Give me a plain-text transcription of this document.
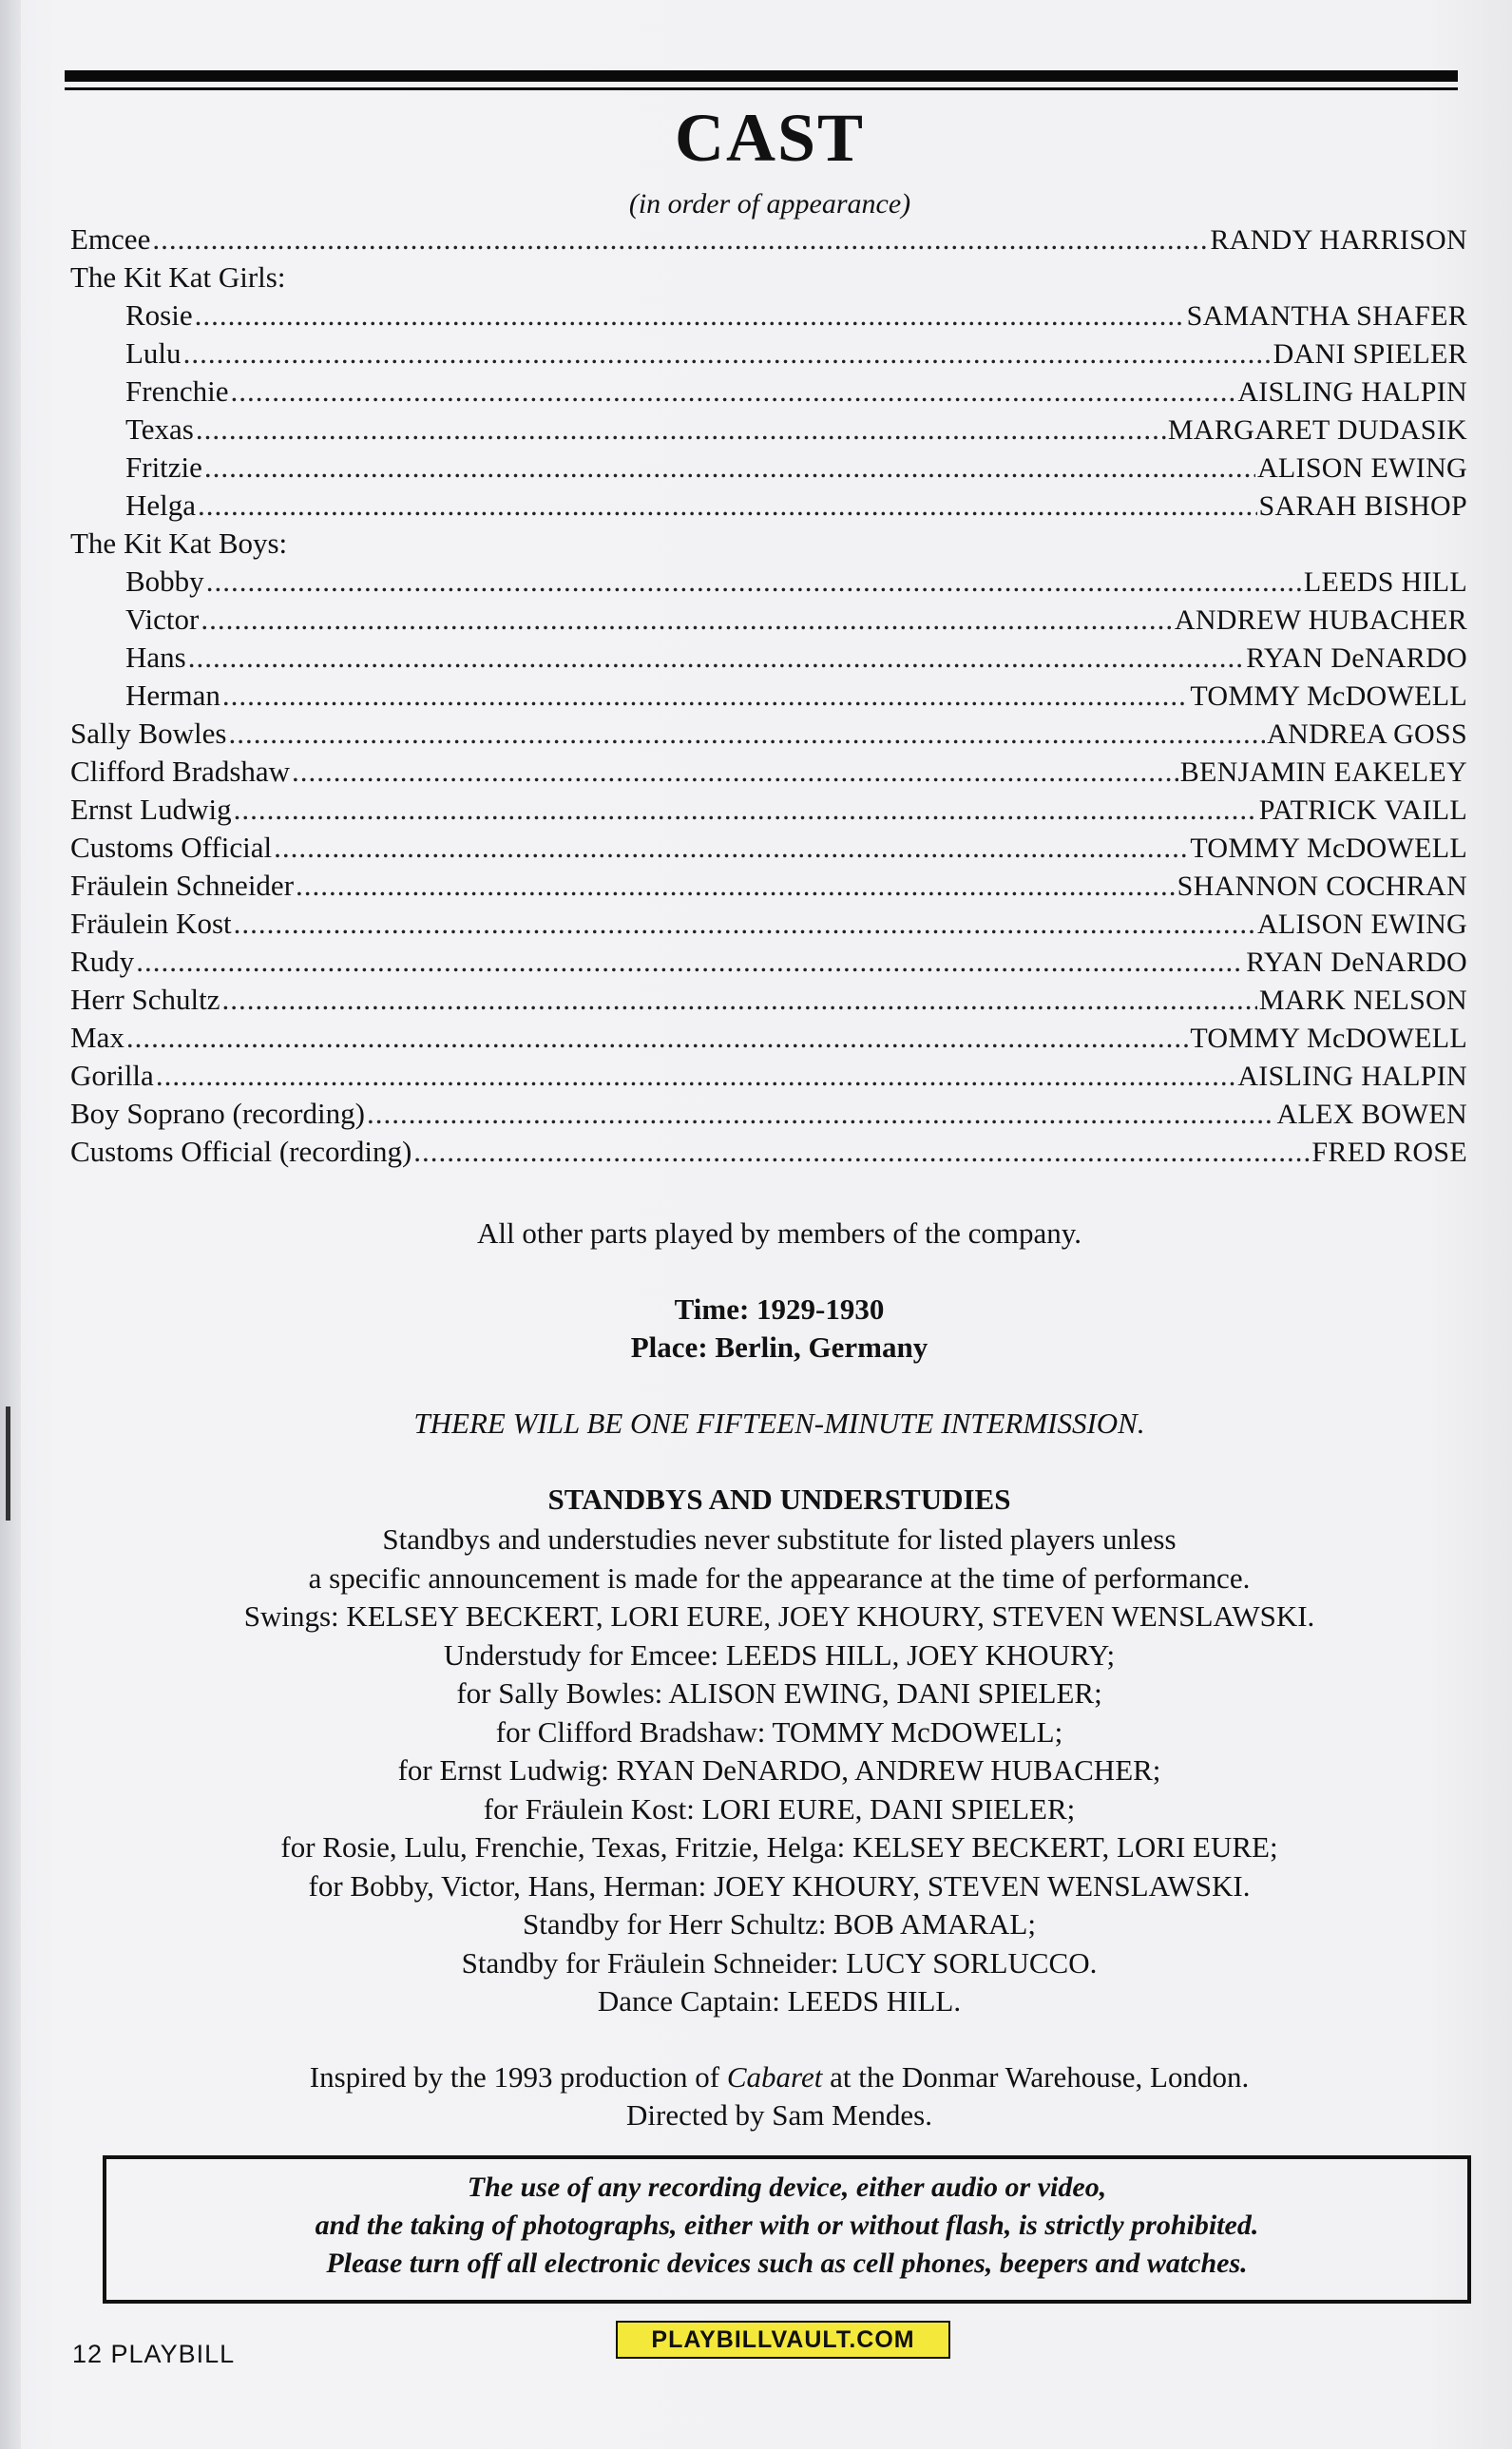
CAST
(in order of appearance)
Emcee .....	RANDY HARRISON
The Kit Kat Girls:
Rosie .....	SAMANTHA SHAFER
Lulu .....	DANI SPIELER
Frenchie .....	AISLING HALPIN
Texas .....	MARGARET DUDASIK
Fritzie .....	ALISON EWING
Helga .....	SARAH BISHOP
The Kit Kat Boys:
Bobby .....	LEEDS HILL
Victor .....	ANDREW HUBACHER
Hans .....	RYAN DeNARDO
Herman .....	TOMMY McDOWELL
Sally Bowles .....	ANDREA GOSS
Clifford Bradshaw .....	BENJAMIN EAKELEY
Ernst Ludwig .....	PATRICK VAILL
Customs Official .....	TOMMY McDOWELL
Fräulein Schneider .....	SHANNON COCHRAN
Fräulein Kost .....	ALISON EWING
Rudy .....	RYAN DeNARDO
Herr Schultz .....	MARK NELSON
Max .....	TOMMY McDOWELL
Gorilla .....	AISLING HALPIN
Boy Soprano (recording) .....	ALEX BOWEN
Customs Official (recording) .....	FRED ROSE
All other parts played by members of the company.
Time: 1929-1930
Place: Berlin, Germany
THERE WILL BE ONE FIFTEEN-MINUTE INTERMISSION.
STANDBYS AND UNDERSTUDIES
Standbys and understudies never substitute for listed players unless
a specific announcement is made for the appearance at the time of performance.
Swings: KELSEY BECKERT, LORI EURE, JOEY KHOURY, STEVEN WENSLAWSKI.
Understudy for Emcee: LEEDS HILL, JOEY KHOURY;
for Sally Bowles: ALISON EWING, DANI SPIELER;
for Clifford Bradshaw: TOMMY McDOWELL;
for Ernst Ludwig: RYAN DeNARDO, ANDREW HUBACHER;
for Fräulein Kost: LORI EURE, DANI SPIELER;
for Rosie, Lulu, Frenchie, Texas, Fritzie, Helga: KELSEY BECKERT, LORI EURE;
for Bobby, Victor, Hans, Herman: JOEY KHOURY, STEVEN WENSLAWSKI.
Standby for Herr Schultz: BOB AMARAL;
Standby for Fräulein Schneider: LUCY SORLUCCO.
Dance Captain: LEEDS HILL.
Inspired by the 1993 production of Cabaret at the Donmar Warehouse, London.
Directed by Sam Mendes.
The use of any recording device, either audio or video,
and the taking of photographs, either with or without flash, is strictly prohibited.
Please turn off all electronic devices such as cell phones, beepers and watches.
12 PLAYBILL	PLAYBILLVAULT.COM
